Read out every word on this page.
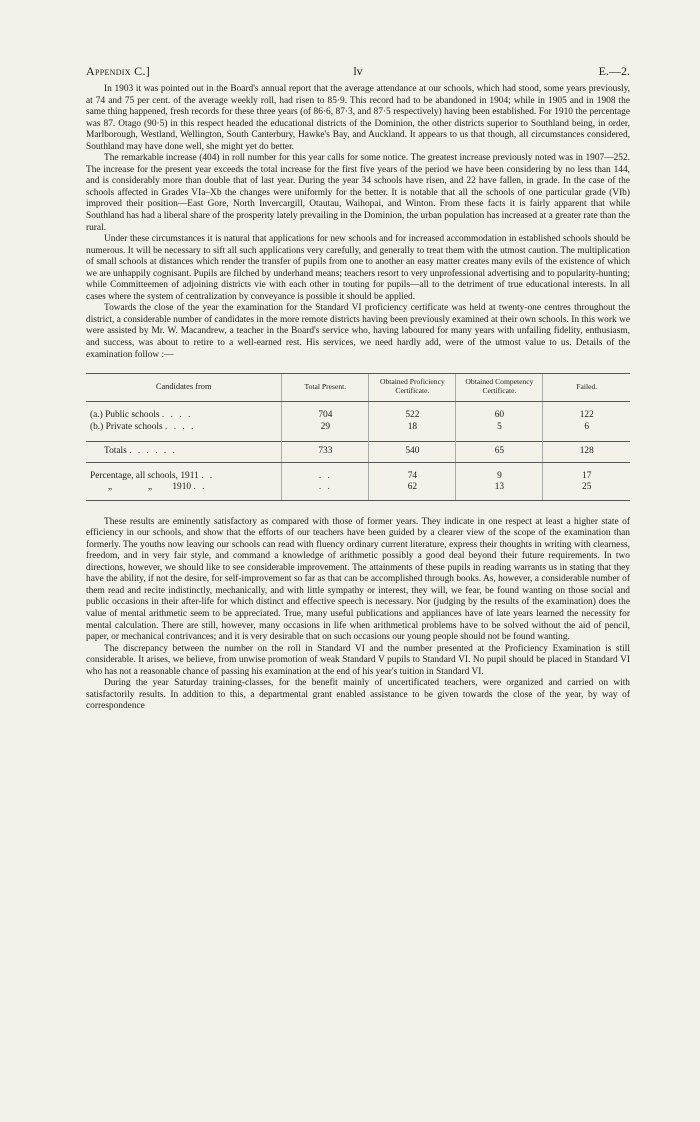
Appendix C.]	lv	E.—2.

In 1903 it was pointed out in the Board's annual report that the average attendance at our schools, which had stood, some years previously, at 74 and 75 per cent. of the average weekly roll, had risen to 85·9. This record had to be abandoned in 1904; while in 1905 and in 1908 the same thing happened, fresh records for these three years (of 86·6, 87·3, and 87·5 respectively) having been established. For 1910 the percentage was 87. Otago (90·5) in this respect headed the educational districts of the Dominion, the other districts superior to Southland being, in order, Marlborough, Westland, Wellington, South Canterbury, Hawke's Bay, and Auckland. It appears to us that though, all circumstances considered, Southland may have done well, she might yet do better.

The remarkable increase (404) in roll number for this year calls for some notice. The greatest increase previously noted was in 1907—252. The increase for the present year exceeds the total increase for the first five years of the period we have been considering by no less than 144, and is considerably more than double that of last year. During the year 34 schools have risen, and 22 have fallen, in grade. In the case of the schools affected in Grades VIa–Xb the changes were uniformly for the better. It is notable that all the schools of one particular grade (VIb) improved their position—East Gore, North Invercargill, Otautau, Waihopai, and Winton. From these facts it is fairly apparent that while Southland has had a liberal share of the prosperity lately prevailing in the Dominion, the urban population has increased at a greater rate than the rural.

Under these circumstances it is natural that applications for new schools and for increased accommodation in established schools should be numerous. It will be necessary to sift all such applications very carefully, and generally to treat them with the utmost caution. The multiplication of small schools at distances which render the transfer of pupils from one to another an easy matter creates many evils of the existence of which we are unhappily cognisant. Pupils are filched by underhand means; teachers resort to very unprofessional advertising and to popularity-hunting; while Committeemen of adjoining districts vie with each other in touting for pupils—all to the detriment of true educational interests. In all cases where the system of centralization by conveyance is possible it should be applied.

Towards the close of the year the examination for the Standard VI proficiency certificate was held at twenty-one centres throughout the district, a considerable number of candidates in the more remote districts having been previously examined at their own schools. In this work we were assisted by Mr. W. Macandrew, a teacher in the Board's service who, having laboured for many years with unfailing fidelity, enthusiasm, and success, was about to retire to a well-earned rest. His services, we need hardly add, were of the utmost value to us. Details of the examination follow :—

Candidates from	Total Present.	Obtained Proficiency Certificate.	Obtained Competency Certificate.	Failed.

(a.) Public schools . . . .	704	522	60	122
(b.) Private schools . . . .	29	18	5	6

Totals . . . . . .	733	540	65	128

Percentage, all schools, 1911 . .	. .	74	9	17
„ „ 1910 . .	. .	62	13	25

These results are eminently satisfactory as compared with those of former years. They indicate in one respect at least a higher state of efficiency in our schools, and show that the efforts of our teachers have been guided by a clearer view of the scope of the examination than formerly. The youths now leaving our schools can read with fluency ordinary current literature, express their thoughts in writing with clearness, freedom, and in very fair style, and command a knowledge of arithmetic possibly a good deal beyond their future requirements. In two directions, however, we should like to see considerable improvement. The attainments of these pupils in reading warrants us in stating that they have the ability, if not the desire, for self-improvement so far as that can be accomplished through books. As, however, a considerable number of them read and recite indistinctly, mechanically, and with little sympathy or interest, they will, we fear, be found wanting on those social and public occasions in their after-life for which distinct and effective speech is necessary. Nor (judging by the results of the examination) does the value of mental arithmetic seem to be appreciated. True, many useful publications and appliances have of late years learned the necessity for mental calculation. There are still, however, many occasions in life when arithmetical problems have to be solved without the aid of pencil, paper, or mechanical contrivances; and it is very desirable that on such occasions our young people should not be found wanting.

The discrepancy between the number on the roll in Standard VI and the number presented at the Proficiency Examination is still considerable. It arises, we believe, from unwise promotion of weak Standard V pupils to Standard VI. No pupil should be placed in Standard VI who has not a reasonable chance of passing his examination at the end of his year's tuition in Standard VI.

During the year Saturday training-classes, for the benefit mainly of uncertificated teachers, were organized and carried on with satisfactorily results. In addition to this, a departmental grant enabled assistance to be given towards the close of the year, by way of correspondence
